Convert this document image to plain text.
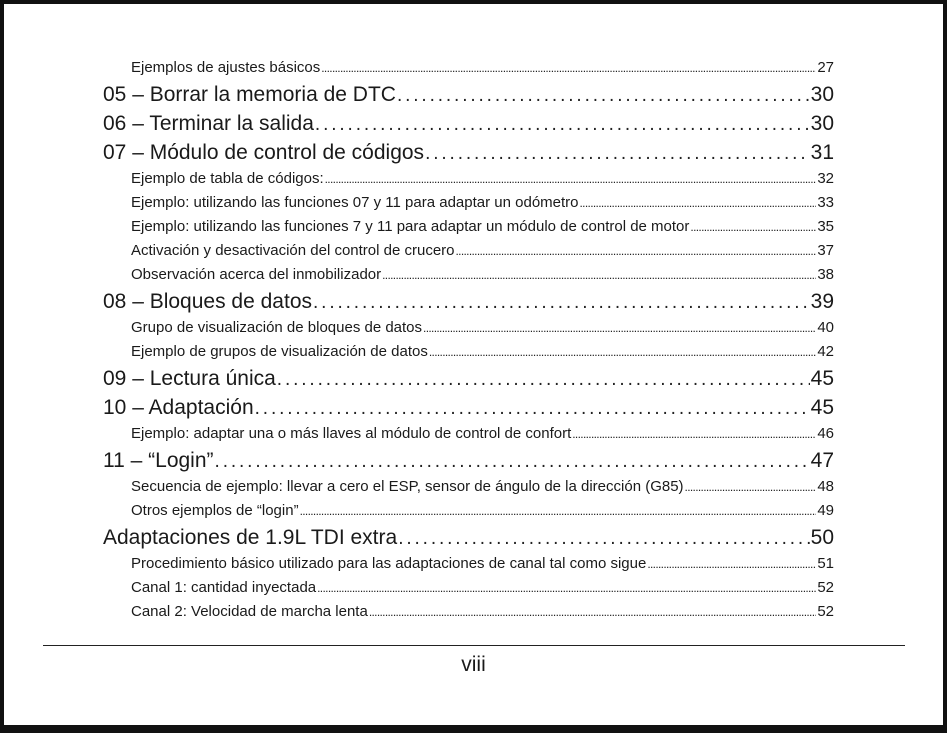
Ejemplos de ajustes básicos . . .	27
05 – Borrar la memoria de DTC . . .	30
06 – Terminar la salida . . .	30
07 – Módulo de control de códigos . . .	31
Ejemplo de tabla de códigos: . . .	32
Ejemplo: utilizando las funciones 07 y 11 para adaptar un odómetro . . .	33
Ejemplo: utilizando las funciones 7 y 11 para adaptar un módulo de control de motor . . .	35
Activación y desactivación del control de crucero . . .	37
Observación acerca del inmobilizador . . .	38
08 – Bloques de datos . . .	39
Grupo de visualización de bloques de datos . . .	40
Ejemplo de grupos de visualización de datos . . .	42
09 – Lectura única . . .	45
10 – Adaptación . . .	45
Ejemplo: adaptar una o más llaves al módulo de control de confort . . .	46
11 – “Login” . . .	47
Secuencia de ejemplo: llevar a cero el ESP, sensor de ángulo de la dirección (G85) . . .	48
Otros ejemplos de “login” . . .	49
Adaptaciones de 1.9L TDI extra . . .	50
Procedimiento básico utilizado para las adaptaciones de canal tal como sigue . . .	51
Canal 1: cantidad inyectada . . .	52
Canal 2: Velocidad de marcha lenta . . .	52
viii
